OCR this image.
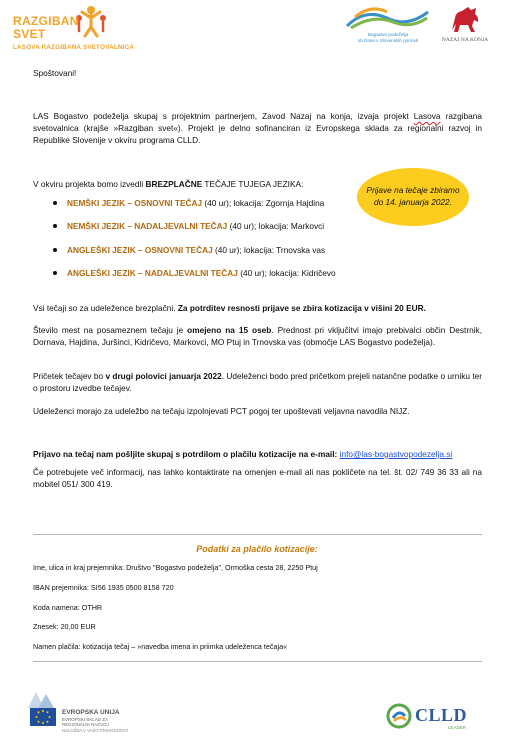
RAZGIBAN
SVET
LASOVA RAZGIBANA SVETOVALNICA
Bogastvo podeželja
ob Dravi v Slovenskih goricah	NAZAJ NA KONJA
Spoštovani!
LAS Bogastvo podeželja skupaj s projektnim partnerjem, Zavod Nazaj na konja, izvaja projekt Lasova razgibana svetovalnica (krajše »Razgiban svet«). Projekt je delno sofinanciran iz Evropskega sklada za regionalni razvoj in Republike Slovenije v okviru programa CLLD.
V okviru projekta bomo izvedli BREZPLAČNE TEČAJE TUJEGA JEZIKA:
Prijave na tečaje zbiramo
do 14. januarja 2022.
NEMŠKI JEZIK – OSNOVNI TEČAJ (40 ur); lokacija: Zgornja Hajdina
NEMŠKI JEZIK – NADALJEVALNI TEČAJ (40 ur); lokacija: Markovci
ANGLEŠKI JEZIK – OSNOVNI TEČAJ (40 ur); lokacija: Trnovska vas
ANGLEŠKI JEZIK – NADALJEVALNI TEČAJ (40 ur); lokacija: Kidričevo
Vsi tečaji so za udeležence brezplačni. Za potrditev resnosti prijave se zbira kotizacija v višini 20 EUR.
Število mest na posameznem tečaju je omejeno na 15 oseb. Prednost pri vključitvi imajo prebivalci občin Destrnik, Dornava, Hajdina, Juršinci, Kidričevo, Markovci, MO Ptuj in Trnovska vas (območje LAS Bogastvo podeželja).
Pričetek tečajev bo v drugi polovici januarja 2022. Udeleženci bodo pred pričetkom prejeli natančne podatke o urniku ter o prostoru izvedbe tečajev.
Udeleženci morajo za udeležbo na tečaju izpolnjevati PCT pogoj ter upoštevati veljavna navodila NIJZ.
Prijavo na tečaj nam pošljite skupaj s potrdilom o plačilu kotizacije na e-mail: info@las-bogastvopodezelja.si
Če potrebujete več informacij, nas lahko kontaktirate na omenjen e-mail ali nas pokličete na tel. št. 02/ 749 36 33 ali na mobitel 051/ 300 419.
Podatki za plačilo kotizacije:
Ime, ulica in kraj prejemnika: Društvo ''Bogastvo podeželja'', Ormoška cesta 28, 2250 Ptuj
IBAN prejemnika: SI56 1935 0500 8158 720
Koda namena: OTHR
Znesek: 20,00 EUR
Namen plačila: kotizacija tečaj – »navedba imena in priimka udeleženca tečaja«
EVROPSKA UNIJA
EVROPSKI SKLAD ZA
REGIONALNI RAZVOJ
NALOŽBA V VAŠO PRIHODNOST
CLLD
LEADER
